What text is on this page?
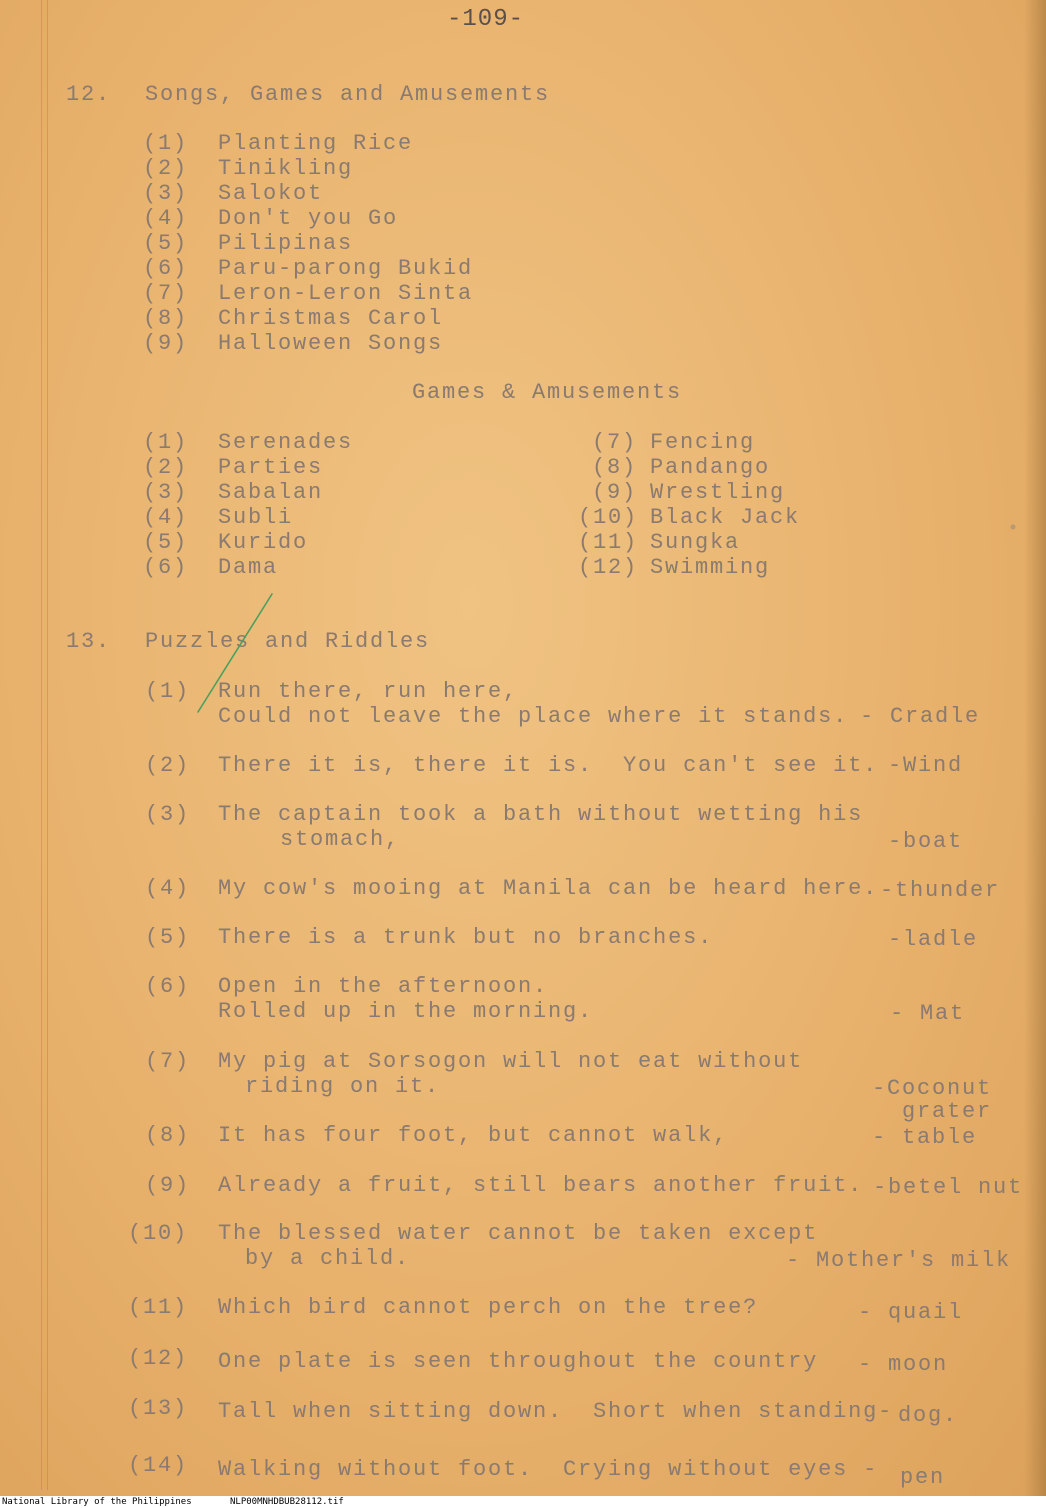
-109-
12. Songs, Games and Amusements
(1) Planting Rice
(2) Tinikling
(3) Salokot
(4) Don't you Go
(5) Pilipinas
(6) Paru-parong Bukid
(7) Leron-Leron Sinta
(8) Christmas Carol
(9) Halloween Songs
Games & Amusements
(1) Serenades
(2) Parties
(3) Sabalan
(4) Subli
(5) Kurido
(6) Dama
(7) Fencing
(8) Pandango
(9) Wrestling
(10) Black Jack
(11) Sungka
(12) Swimming
13. Puzzles and Riddles
(1) Run there, run here,
Could not leave the place where it stands. - Cradle
(2) There it is, there it is.  You can't see it. -Wind
(3) The captain took a bath without wetting his
stomach,	-boat
(4) My cow's mooing at Manila can be heard here. -thunder
(5) There is a trunk but no branches.	-ladle
(6) Open in the afternoon.
Rolled up in the morning.	- Mat
(7) My pig at Sorsogon will not eat without
riding on it.	-Coconut
grater
(8) It has four foot, but cannot walk,	- table
(9) Already a fruit, still bears another fruit. -betel nut
(10) The blessed water cannot be taken except
by a child.	- Mother's milk
(11) Which bird cannot perch on the tree?	- quail
(12) One plate is seen throughout the country - moon
(13) Tall when sitting down.  Short when standing- dog.
(14) Walking without foot.  Crying without eyes - pen
National Library of the Philippines	NLP00MNHDBUB28112.tif
